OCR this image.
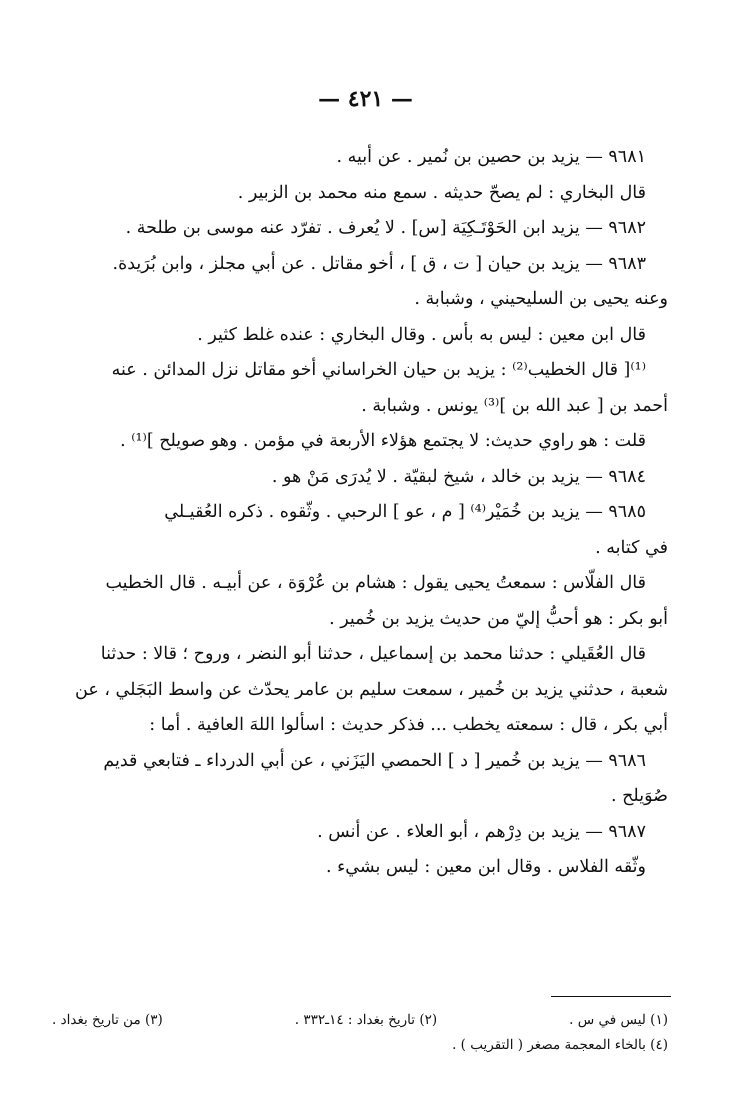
— ٤٢١ —

٩٦٨١ — يزيد بن حصين بن نُمير . عن أبيه .

قال البخاري : لم يصحّ حديثه . سمع منه محمد بن الزبير .

٩٦٨٢ — يزيد ابن الحَوْتَـكِيَة [س] . لا يُعرف . تفرّد عنه موسى بن طلحة .

٩٦٨٣ — يزيد بن حيان [ ت ، ق ] ، أخو مقاتل . عن أبي مجلز ، وابن بُرَيدة.

وعنه يحيى بن السليحيني ، وشبابة .

قال ابن معين : ليس به بأس . وقال البخاري : عنده غلط كثير .

⁽¹⁾[ قال الخطيب⁽²⁾ : يزيد بن حيان الخراساني أخو مقاتل نزل المدائن . عنه

أحمد بن [ عبد الله بن ]⁽³⁾ يونس . وشبابة .

قلت : هو راوي حديث: لا يجتمع هؤلاء الأربعة في مؤمن . وهو صويلح ]⁽¹⁾ .

٩٦٨٤ — يزيد بن خالد ، شيخ لبقيّة . لا يُدرَى مَنْ هو .

٩٦٨٥ — يزيد بن خُمَيْر⁽⁴⁾ [ م ، عو ] الرحبي . وثّقوه . ذكره العُقيـلي

في كتابه .

قال الفلّاس : سمعتُ يحيى يقول : هشام بن عُرْوَة ، عن أبيـه . قال الخطيب

أبو بكر : هو أحبُّ إليّ من حديث يزيد بن خُمير .

قال العُقَيلي : حدثنا محمد بن إسماعيل ، حدثنا أبو النضر ، وروح ؛ قالا : حدثنا

شعبة ، حدثني يزيد بن خُمير ، سمعت سليم بن عامر يحدّث عن واسط البَجَلي ، عن

أبي بكر ، قال : سمعته يخطب ... فذكر حديث : اسألوا اللهَ العافية . أما :

٩٦٨٦ — يزيد بن خُمير [ د ] الحمصي اليَزَني ، عن أبي الدرداء ـ فتابعي قديم

صُوَيلح .

٩٦٨٧ — يزيد بن دِرْهم ، أبو العلاء . عن أنس .

وثّقه الفلاس . وقال ابن معين : ليس بشيء .

(١) ليس في س .
(٢) تاريخ بغداد : ١٤ـ٣٣٢ .
(٣) من تاريخ بغداد .

(٤) بالخاء المعجمة مصغر ( التقريب ) .
